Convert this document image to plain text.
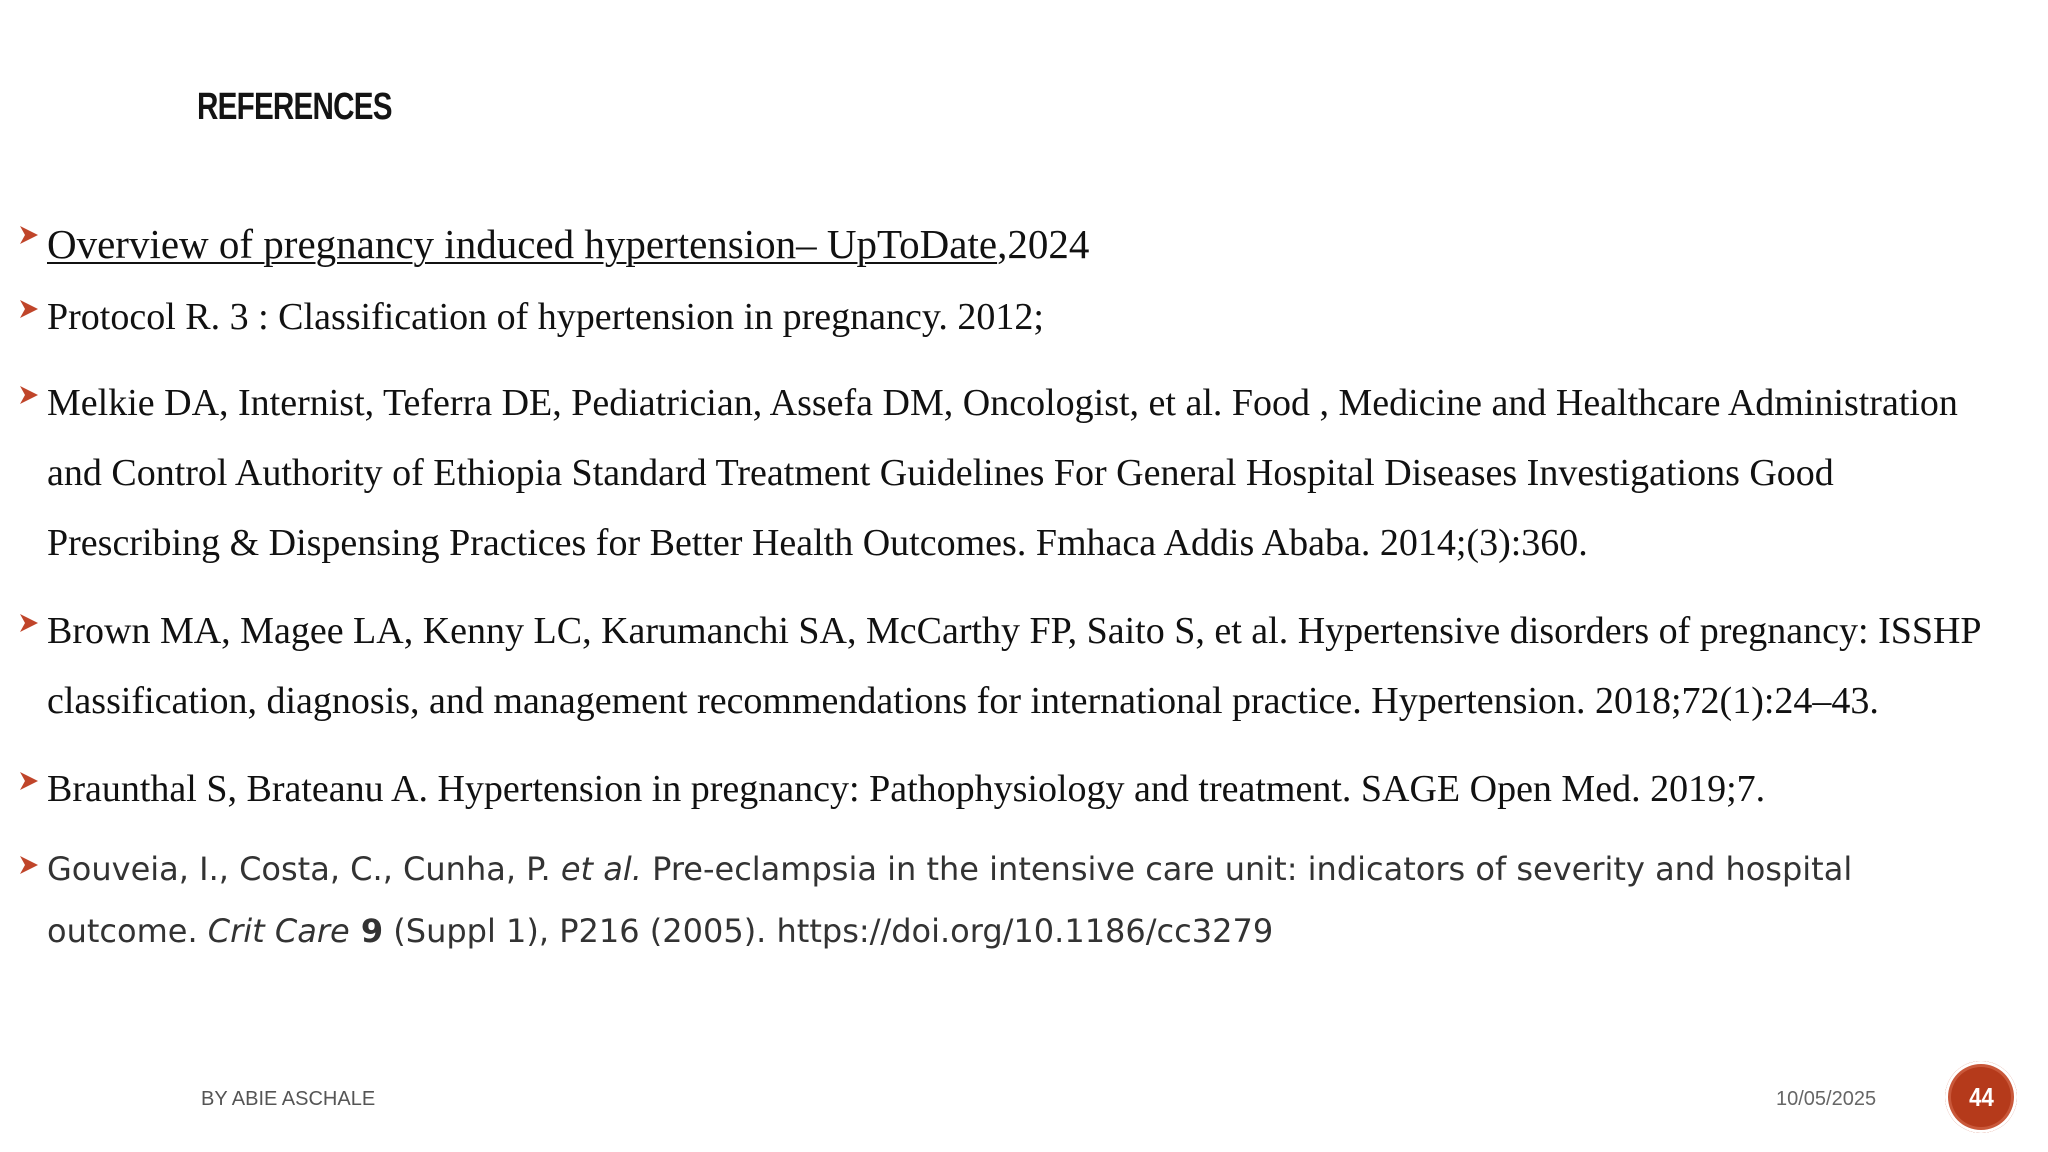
REFERENCES
Overview of pregnancy induced hypertension– UpToDate,2024
Protocol R. 3 : Classification of hypertension in pregnancy. 2012;
Melkie DA, Internist, Teferra DE, Pediatrician, Assefa DM, Oncologist, et al. Food , Medicine and Healthcare Administration
and Control Authority of Ethiopia Standard Treatment Guidelines For General Hospital Diseases Investigations Good
Prescribing & Dispensing Practices for Better Health Outcomes. Fmhaca Addis Ababa. 2014;(3):360.
Brown MA, Magee LA, Kenny LC, Karumanchi SA, McCarthy FP, Saito S, et al. Hypertensive disorders of pregnancy: ISSHP
classification, diagnosis, and management recommendations for international practice. Hypertension. 2018;72(1):24–43.
Braunthal S, Brateanu A. Hypertension in pregnancy: Pathophysiology and treatment. SAGE Open Med. 2019;7.
Gouveia, I., Costa, C., Cunha, P. et al. Pre-eclampsia in the intensive care unit: indicators of severity and hospital
outcome. Crit Care 9 (Suppl 1), P216 (2005). https://doi.org/10.1186/cc3279
BY ABIE ASCHALE	10/05/2025	44
